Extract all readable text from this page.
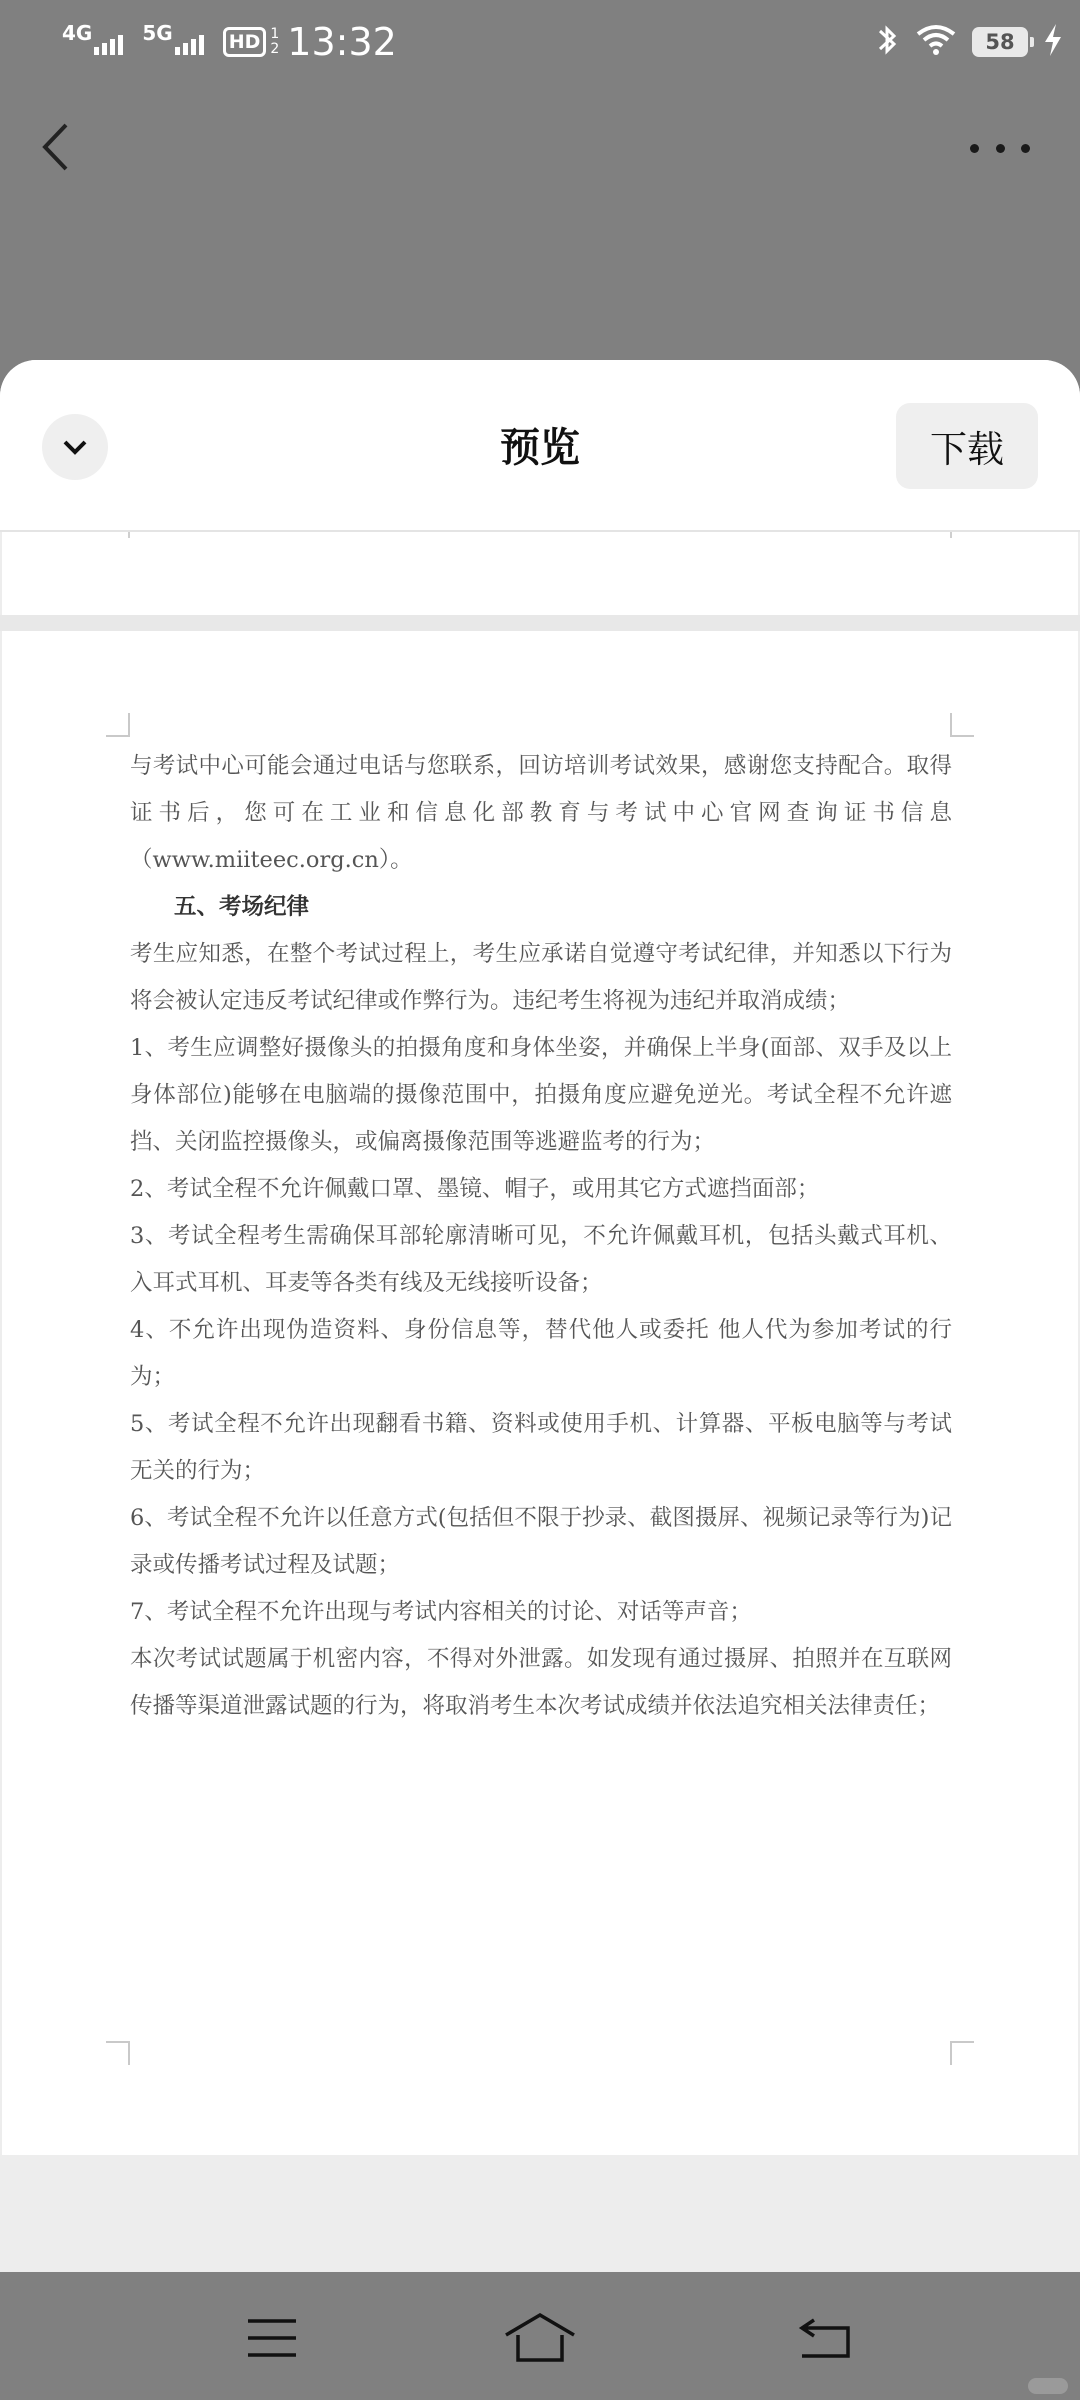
4G	5G	HD 1
2 13:32	58
预览	下载
与考试中心可能会通过电话与您联系，回访培训考试效果，感谢您支持配合。取得证书后，您可在工业和信息化部教育与考试中心官网查询证书信息（www.miiteec.org.cn）。
五、考场纪律
考生应知悉，在整个考试过程上，考生应承诺自觉遵守考试纪律，并知悉以下行为将会被认定违反考试纪律或作弊行为。违纪考生将视为违纪并取消成绩；
1、考生应调整好摄像头的拍摄角度和身体坐姿，并确保上半身(面部、双手及以上身体部位)能够在电脑端的摄像范围中，拍摄角度应避免逆光。考试全程不允许遮挡、关闭监控摄像头，或偏离摄像范围等逃避监考的行为；
2、考试全程不允许佩戴口罩、墨镜、帽子，或用其它方式遮挡面部；
3、考试全程考生需确保耳部轮廓清晰可见，不允许佩戴耳机，包括头戴式耳机、入耳式耳机、耳麦等各类有线及无线接听设备；
4、不允许出现伪造资料、身份信息等，替代他人或委托 他人代为参加考试的行为；
5、考试全程不允许出现翻看书籍、资料或使用手机、计算器、平板电脑等与考试无关的行为；
6、考试全程不允许以任意方式(包括但不限于抄录、截图摄屏、视频记录等行为)记录或传播考试过程及试题；
7、考试全程不允许出现与考试内容相关的讨论、对话等声音；
本次考试试题属于机密内容，不得对外泄露。如发现有通过摄屏、拍照并在互联网传播等渠道泄露试题的行为，将取消考生本次考试成绩并依法追究相关法律责任；
